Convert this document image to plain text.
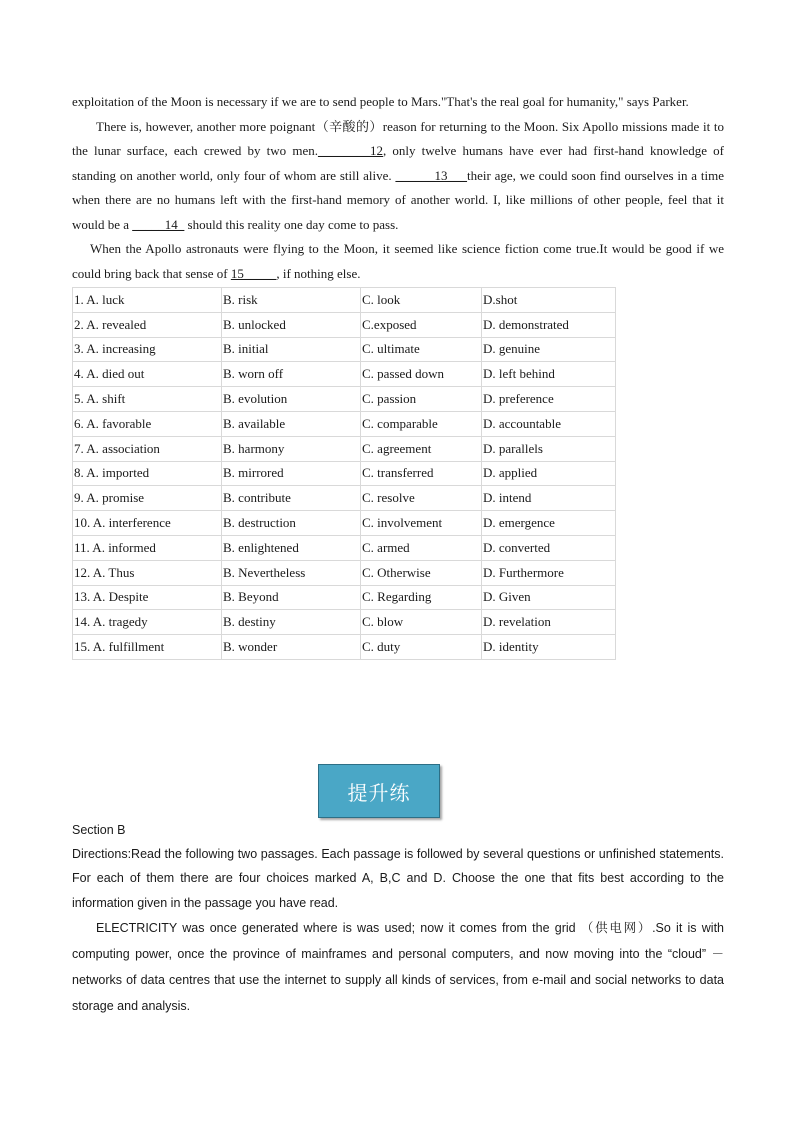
exploitation of the Moon is necessary if we are to send people to Mars."That's the real goal for humanity," says Parker.

There is, however, another more poignant（辛酸的）reason for returning to the Moon. Six Apollo missions made it to the lunar surface, each crewed by two men.________12, only twelve humans have ever had first-hand knowledge of standing on another world, only four of whom are still alive. ______13___their age, we could soon find ourselves in a time when there are no humans left with the first-hand memory of another world. I, like millions of other people, feel that it would be a _____14_ should this reality one day come to pass.

When the Apollo astronauts were flying to the Moon, it seemed like science fiction come true.It would be good if we could bring back that sense of 15_____, if nothing else.

1. A. luck	B. risk	C. look	D.shot
2. A. revealed	B. unlocked	C.exposed	D. demonstrated
3. A. increasing	B. initial	C. ultimate	D. genuine
4. A. died out	B. worn off	C. passed down	D. left behind
5. A. shift	B. evolution	C. passion	D. preference
6. A. favorable	B. available	C. comparable	D. accountable
7. A. association	B. harmony	C. agreement	D. parallels
8. A. imported	B. mirrored	C. transferred	D. applied
9. A. promise	B. contribute	C. resolve	D. intend
10. A. interference	B. destruction	C. involvement	D. emergence
11. A. informed	B. enlightened	C. armed	D. converted
12. A. Thus	B. Nevertheless	C. Otherwise	D. Furthermore
13. A. Despite	B. Beyond	C. Regarding	D. Given
14. A. tragedy	B. destiny	C. blow	D. revelation
15. A. fulfillment	B. wonder	C. duty	D. identity
提升练

Section B

Directions:Read the following two passages. Each passage is followed by several questions or unfinished statements. For each of them there are four choices marked A, B,C and D. Choose the one that fits best according to the information given in the passage you have read.

ELECTRICITY was once generated where is was used; now it comes from the grid （供电网）.So it is with computing power, once the province of mainframes and personal computers, and now moving into the “cloud” －networks of data centres that use the internet to supply all kinds of services, from e-mail and social networks to data storage and analysis.
